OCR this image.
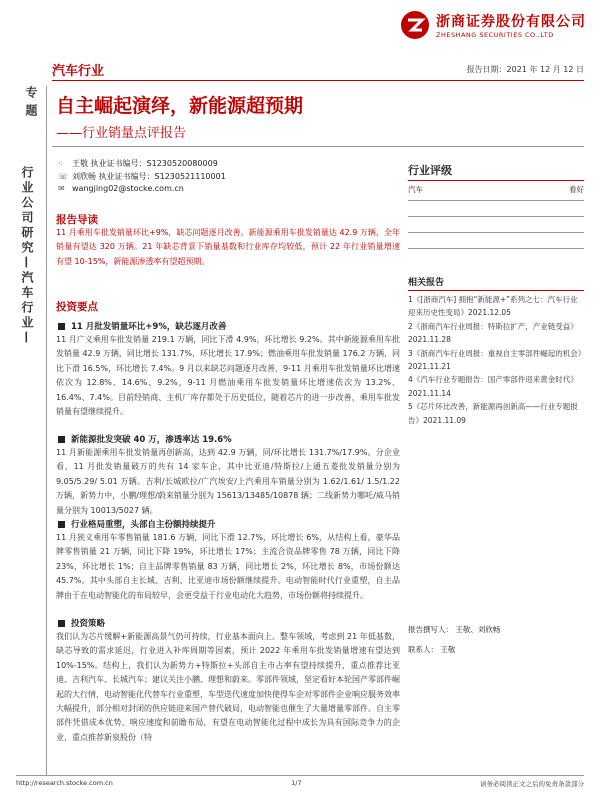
浙商证券股份有限公司
ZHESHANG SECURITIES CO.,LTD
汽车行业	报告日期：2021 年 12 月 12 日
专题
行业公司研究—汽车行业—
自主崛起演绎，新能源超预期
——行业销量点评报告
⁖	王敬 执业证书编号：S1230520080009
☏ 刘欣畅 执业证书编号：S1230521110001
✉ wangjing02@stocke.com.cn
报告导读
11 月乘用车批发销量环比+9%，缺芯问题逐月改善。新能源乘用车批发销量达 42.9 万辆，全年销量有望达 320 万辆。21 年缺芯背景下销量基数和行业库存均较低，预计 22 年行业销量增速有望 10-15%，新能源渗透率有望超预期。
投资要点
11 月批发销量环比+9%，缺芯逐月改善
11 月广义乘用车批发销量 219.1 万辆，同比下滑 4.9%，环比增长 9.2%。其中新能源乘用车批发销量 42.9 万辆，同比增长 131.7%，环比增长 17.9%；燃油乘用车批发销量 176.2 万辆，同比下滑 16.5%，环比增长 7.4%。9 月以来缺芯问题逐月改善，9-11 月乘用车批发销量环比增速依次为 12.8%、14.6%、9.2%，9-11 月燃油乘用车批发销量环比增速依次为 13.2%、16.4%、7.4%。目前经销商、主机厂库存都处于历史低位，随着芯片的进一步改善，乘用车批发销量有望继续提升。
新能源批发突破 40 万，渗透率达 19.6%
11 月新能源乘用车批发销量再创新高，达到 42.9 万辆，同/环比增长 131.7%/17.9%。分企业看，11 月批发销量破万的共有 14 家车企，其中比亚迪/特斯拉/上通五菱批发销量分别为 9.05/5.29/ 5.01 万辆。吉利/长城欧拉/广汽埃安/上汽乘用车销量分别为 1.62/1.61/ 1.5/1.22 万辆，新势力中，小鹏/理想/蔚来销量分别为 15613/13485/10878 辆；二线新势力哪吒/威马销量分别为 10013/5027 辆。
行业格局重塑，头部自主份额持续提升
11 月狭义乘用车零售销量 181.6 万辆，同比下滑 12.7%，环比增长 6%，从结构上看，豪华品牌零售销量 21 万辆，同比下降 19%，环比增长 17%；主流合资品牌零售 78 万辆，同比下降 23%，环比增长 1%；自主品牌零售销量 83 万辆，同比增长 2%，环比增长 8%，市场份额达 45.7%。其中头部自主长城、吉利、比亚迪市场份额继续提升。电动智能时代行业重塑，自主品牌由于在电动智能化的布局较早，会更受益于行业电动化大趋势，市场份额将持续提升。
投资策略
我们认为芯片缓解+新能源高景气仍可持续，行业基本面向上。整车领域，考虑到 21 年低基数，缺芯导致的需求延迟，行业进入补库周期等因素，预计 2022 年乘用车批发销量增速有望达到 10%-15%。结构上，我们认为新势力+特斯拉+头部自主市占率有望持续提升，重点推荐比亚迪、吉利汽车、长城汽车；建议关注小鹏、理想和蔚来。零部件领域，坚定看好本轮国产零部件崛起的大行情，电动智能化代替车行业重塑，车型迭代速度加快使得车企对零部件企业响应服务效率大幅提升，部分相对封闭的供应链迎来国产替代破局，电动智能也催生了大量增量零部件。自主零部件凭借成本优势、响应速度和前瞻布局，有望在电动智能化过程中成长为具有国际竞争力的企业，重点推荐新泉股份（特
行业评级
汽车	看好
相关报告
1《[浙商汽车] 拥抱“新能源+”系列之七：汽车行业迎来历史性变局》2021.12.05
2《浙商汽车行业周报：特斯拉扩产，产业链受益》2021.11.28
3《浙商汽车行业周报：重视自主零部件崛起的机会》2021.11.21
4《汽车行业专题报告：国产零部件迎来黄金时代》2021.11.14
5《芯片环比改善，新能源再创新高——行业专题报告》2021.11.09
报告撰写人： 王敬、刘欣畅
联系人： 王敬
http://research.stocke.com.cn	1/7	请务必阅读正文之后的免责条款部分
